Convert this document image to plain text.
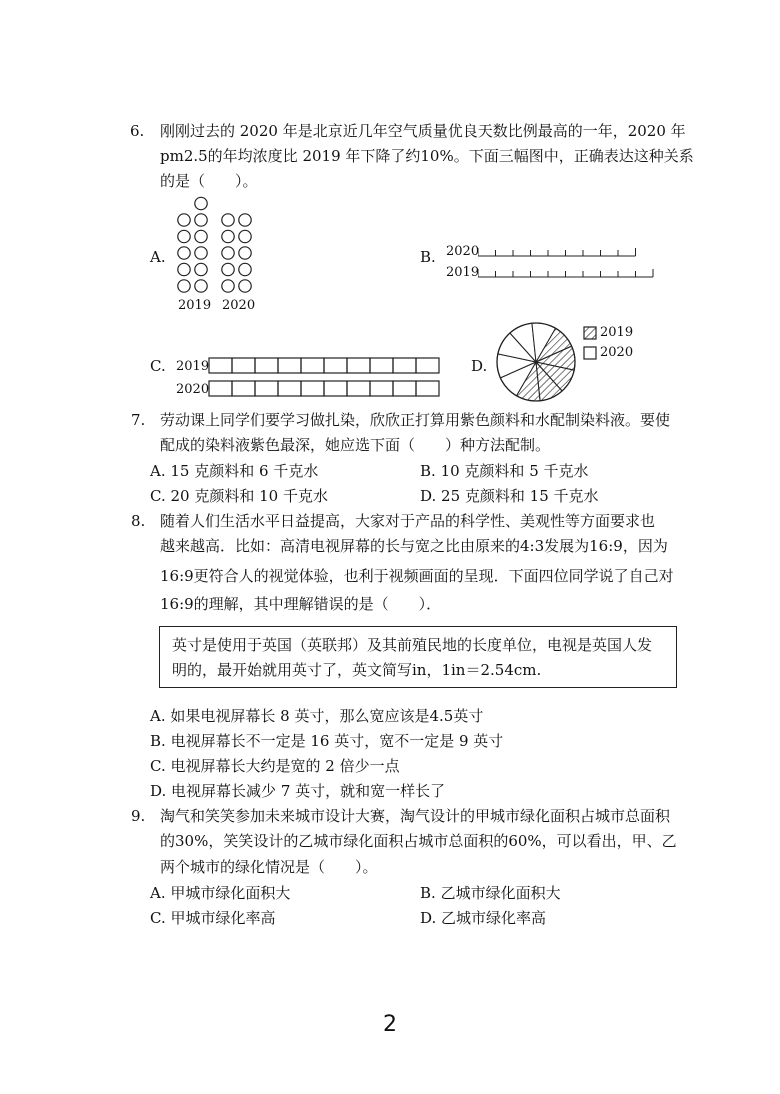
6. 刚刚过去的 2020 年是北京近几年空气质量优良天数比例最高的一年，2020 年
pm2.5的年均浓度比 2019 年下降了约10%。下面三幅图中，正确表达这种关系
的是（　　）。
A.
2019 2020
B. 2020
2019
C. 2019
2020
D.
2019
2020
7. 劳动课上同学们要学习做扎染，欣欣正打算用紫色颜料和水配制染料液。要使
配成的染料液紫色最深，她应选下面（　　）种方法配制。
A. 15 克颜料和 6 千克水	B. 10 克颜料和 5 千克水
C. 20 克颜料和 10 千克水	D. 25 克颜料和 15 千克水
8. 随着人们生活水平日益提高，大家对于产品的科学性、美观性等方面要求也
越来越高．比如：高清电视屏幕的长与宽之比由原来的4:3发展为16:9，因为
16:9更符合人的视觉体验，也利于视频画面的呈现．下面四位同学说了自己对
16:9的理解，其中理解错误的是（　　）．
英寸是使用于英国（英联邦）及其前殖民地的长度单位，电视是英国人发
明的，最开始就用英寸了，英文简写in，1in＝2.54cm.
A. 如果电视屏幕长 8 英寸，那么宽应该是4.5英寸
B. 电视屏幕长不一定是 16 英寸，宽不一定是 9 英寸
C. 电视屏幕长大约是宽的 2 倍少一点
D. 电视屏幕长减少 7 英寸，就和宽一样长了
9. 淘气和笑笑参加未来城市设计大赛，淘气设计的甲城市绿化面积占城市总面积
的30%，笑笑设计的乙城市绿化面积占城市总面积的60%，可以看出，甲、乙
两个城市的绿化情况是（　　）。
A. 甲城市绿化面积大	B. 乙城市绿化面积大
C. 甲城市绿化率高	D. 乙城市绿化率高
2
